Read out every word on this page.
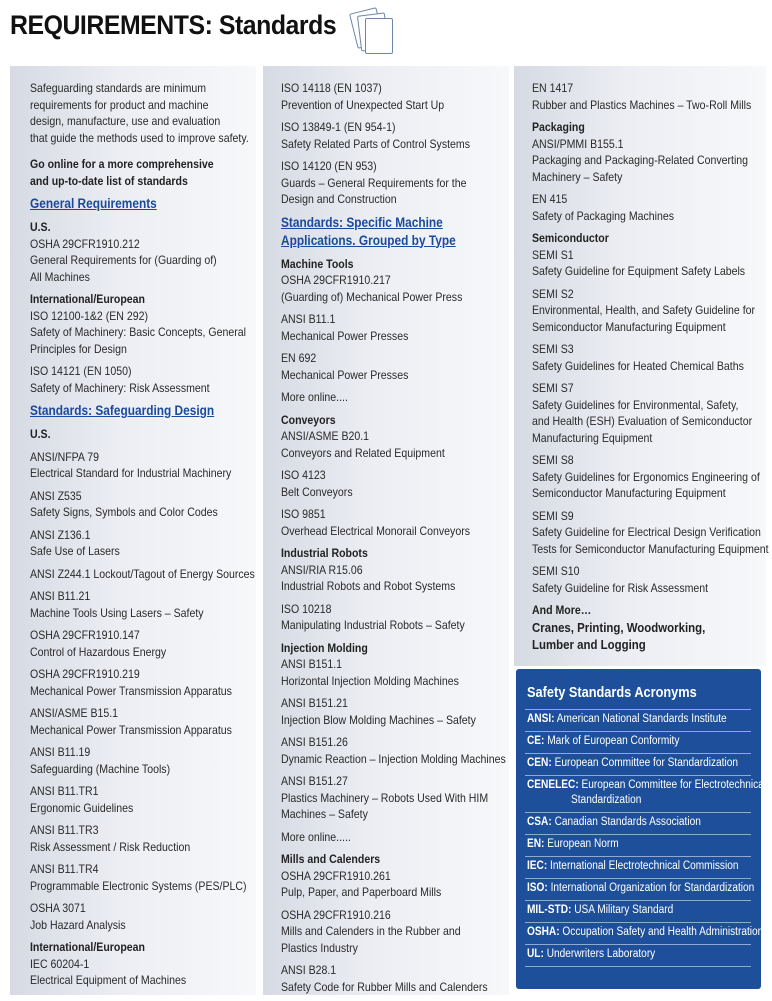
REQUIREMENTS: Standards
Safeguarding standards are minimum
requirements for product and machine
design, manufacture, use and evaluation
that guide the methods used to improve safety.
Go online for a more comprehensive
and up-to-date list of standards
General Requirements
U.S.
OSHA 29CFR1910.212
General Requirements for (Guarding of)
All Machines
International/European
ISO 12100-1&2 (EN 292)
Safety of Machinery: Basic Concepts, General
Principles for Design
ISO 14121 (EN 1050)
Safety of Machinery: Risk Assessment
Standards: Safeguarding Design
U.S.
ANSI/NFPA 79
Electrical Standard for Industrial Machinery
ANSI Z535
Safety Signs, Symbols and Color Codes
ANSI Z136.1
Safe Use of Lasers
ANSI Z244.1 Lockout/Tagout of Energy Sources
ANSI B11.21
Machine Tools Using Lasers – Safety
OSHA 29CFR1910.147
Control of Hazardous Energy
OSHA 29CFR1910.219
Mechanical Power Transmission Apparatus
ANSI/ASME B15.1
Mechanical Power Transmission Apparatus
ANSI B11.19
Safeguarding (Machine Tools)
ANSI B11.TR1
Ergonomic Guidelines
ANSI B11.TR3
Risk Assessment / Risk Reduction
ANSI B11.TR4
Programmable Electronic Systems (PES/PLC)
OSHA 3071
Job Hazard Analysis
International/European
IEC 60204-1
Electrical Equipment of Machines
ISO 14118 (EN 1037)
Prevention of Unexpected Start Up
ISO 13849-1 (EN 954-1)
Safety Related Parts of Control Systems
ISO 14120 (EN 953)
Guards – General Requirements for the
Design and Construction
Standards: Specific Machine
Applications. Grouped by Type
Machine Tools
OSHA 29CFR1910.217
(Guarding of) Mechanical Power Press
ANSI B11.1
Mechanical Power Presses
EN 692
Mechanical Power Presses
More online....
Conveyors
ANSI/ASME B20.1
Conveyors and Related Equipment
ISO 4123
Belt Conveyors
ISO 9851
Overhead Electrical Monorail Conveyors
Industrial Robots
ANSI/RIA R15.06
Industrial Robots and Robot Systems
ISO 10218
Manipulating Industrial Robots – Safety
Injection Molding
ANSI B151.1
Horizontal Injection Molding Machines
ANSI B151.21
Injection Blow Molding Machines – Safety
ANSI B151.26
Dynamic Reaction – Injection Molding Machines
ANSI B151.27
Plastics Machinery – Robots Used With HIM
Machines – Safety
More online.....
Mills and Calenders
OSHA 29CFR1910.261
Pulp, Paper, and Paperboard Mills
OSHA 29CFR1910.216
Mills and Calenders in the Rubber and
Plastics Industry
ANSI B28.1
Safety Code for Rubber Mills and Calenders
EN 1417
Rubber and Plastics Machines – Two-Roll Mills
Packaging
ANSI/PMMI B155.1
Packaging and Packaging-Related Converting
Machinery – Safety
EN 415
Safety of Packaging Machines
Semiconductor
SEMI S1
Safety Guideline for Equipment Safety Labels
SEMI S2
Environmental, Health, and Safety Guideline for
Semiconductor Manufacturing Equipment
SEMI S3
Safety Guidelines for Heated Chemical Baths
SEMI S7
Safety Guidelines for Environmental, Safety,
and Health (ESH) Evaluation of Semiconductor
Manufacturing Equipment
SEMI S8
Safety Guidelines for Ergonomics Engineering of
Semiconductor Manufacturing Equipment
SEMI S9
Safety Guideline for Electrical Design Verification
Tests for Semiconductor Manufacturing Equipment
SEMI S10
Safety Guideline for Risk Assessment
And More…
Cranes, Printing, Woodworking,
Lumber and Logging
Safety Standards Acronyms
ANSI: American National Standards Institute
CE: Mark of European Conformity
CEN: European Committee for Standardization
CENELEC: European Committee for Electrotechnical
Standardization
CSA: Canadian Standards Association
EN: European Norm
IEC: International Electrotechnical Commission
ISO: International Organization for Standardization
MIL-STD: USA Military Standard
OSHA: Occupation Safety and Health Administration
UL: Underwriters Laboratory
